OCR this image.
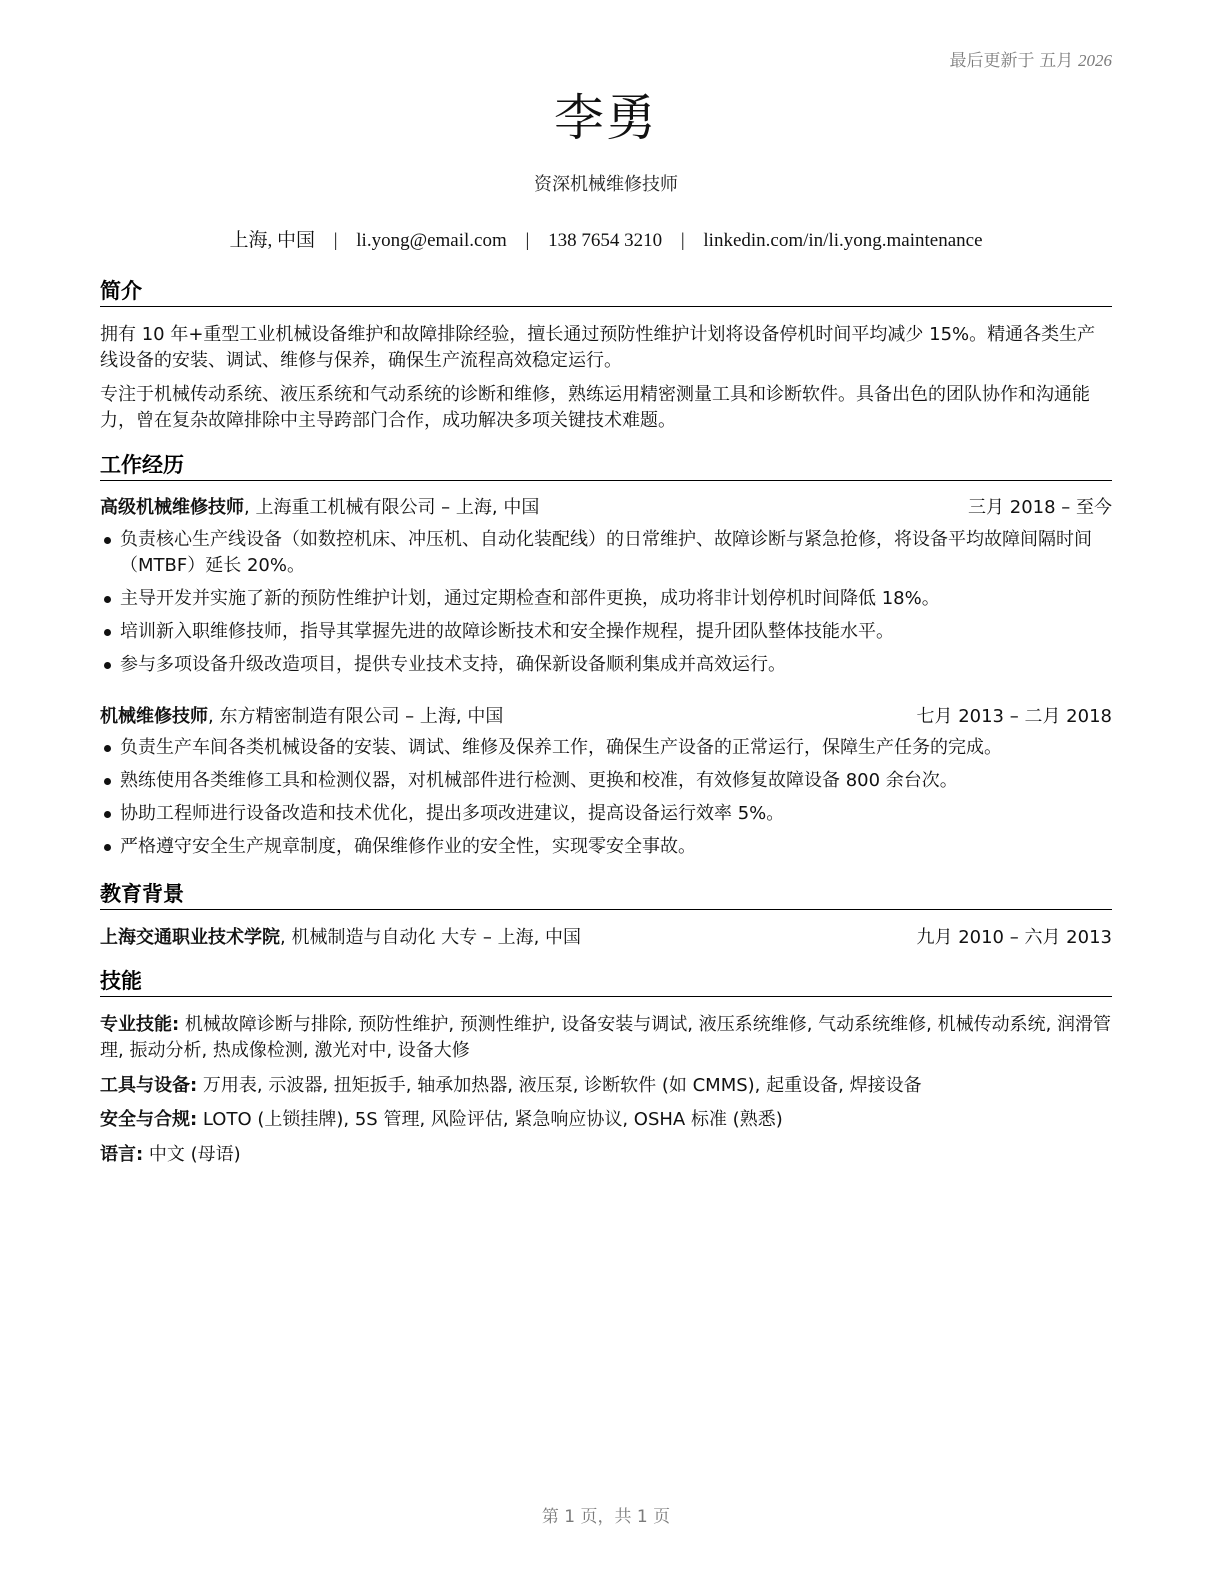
最后更新于 五月 2026
李勇
资深机械维修技师
上海, 中国 | li.yong@email.com | 138 7654 3210 | linkedin.com/in/li.yong.maintenance
简介
拥有 10 年+重型工业机械设备维护和故障排除经验，擅长通过预防性维护计划将设备停机时间平均减少 15%。精通各类生产线设备的安装、调试、维修与保养，确保生产流程高效稳定运行。
专注于机械传动系统、液压系统和气动系统的诊断和维修，熟练运用精密测量工具和诊断软件。具备出色的团队协作和沟通能力，曾在复杂故障排除中主导跨部门合作，成功解决多项关键技术难题。
工作经历
高级机械维修技师, 上海重工机械有限公司 – 上海, 中国	三月 2018 – 至今
负责核心生产线设备（如数控机床、冲压机、自动化装配线）的日常维护、故障诊断与紧急抢修，将设备平均故障间隔时间（MTBF）延长 20%。
主导开发并实施了新的预防性维护计划，通过定期检查和部件更换，成功将非计划停机时间降低 18%。
培训新入职维修技师，指导其掌握先进的故障诊断技术和安全操作规程，提升团队整体技能水平。
参与多项设备升级改造项目，提供专业技术支持，确保新设备顺利集成并高效运行。
机械维修技师, 东方精密制造有限公司 – 上海, 中国	七月 2013 – 二月 2018
负责生产车间各类机械设备的安装、调试、维修及保养工作，确保生产设备的正常运行，保障生产任务的完成。
熟练使用各类维修工具和检测仪器，对机械部件进行检测、更换和校准，有效修复故障设备 800 余台次。
协助工程师进行设备改造和技术优化，提出多项改进建议，提高设备运行效率 5%。
严格遵守安全生产规章制度，确保维修作业的安全性，实现零安全事故。
教育背景
上海交通职业技术学院, 机械制造与自动化 大专 – 上海, 中国	九月 2010 – 六月 2013
技能
专业技能: 机械故障诊断与排除, 预防性维护, 预测性维护, 设备安装与调试, 液压系统维修, 气动系统维修, 机械传动系统, 润滑管理, 振动分析, 热成像检测, 激光对中, 设备大修
工具与设备: 万用表, 示波器, 扭矩扳手, 轴承加热器, 液压泵, 诊断软件 (如 CMMS), 起重设备, 焊接设备
安全与合规: LOTO (上锁挂牌), 5S 管理, 风险评估, 紧急响应协议, OSHA 标准 (熟悉)
语言: 中文 (母语)
第 1 页，共 1 页
